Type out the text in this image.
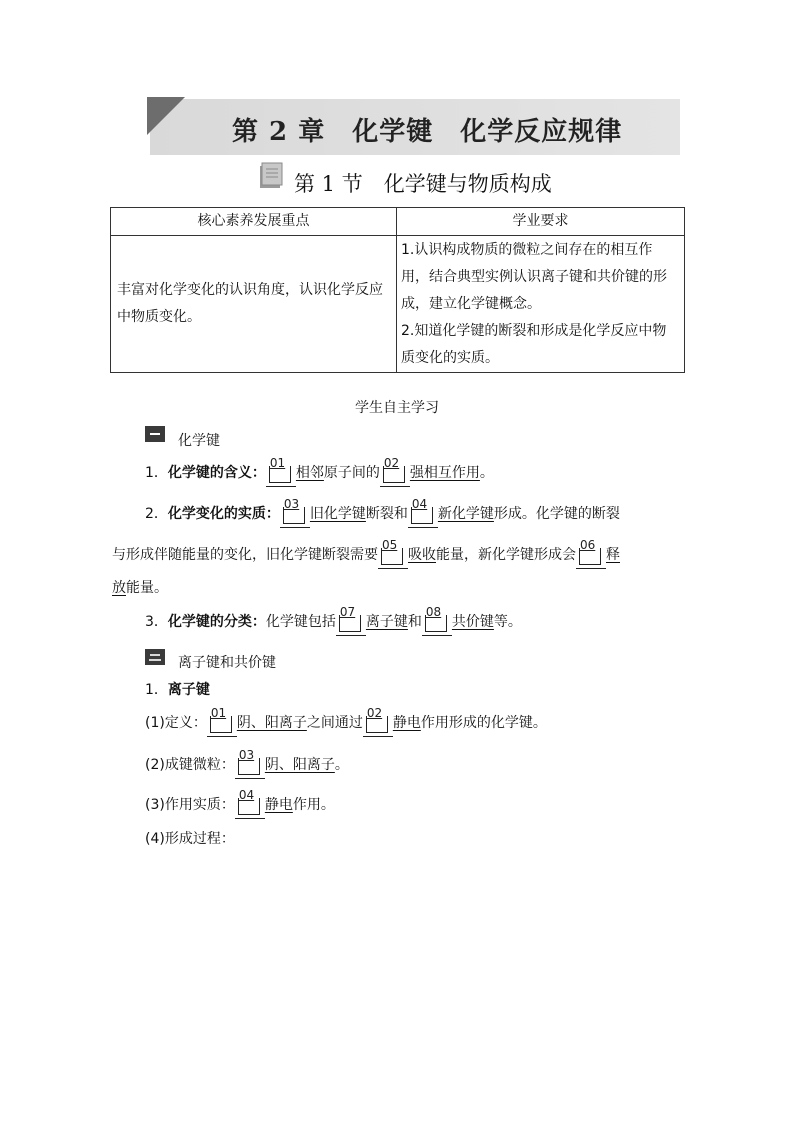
第 2 章　化学键　化学反应规律
第 1 节　化学键与物质构成
核心素养发展重点	学业要求
丰富对化学变化的认识角度，认识化学反应中物质变化。	1.认识构成物质的微粒之间存在的相互作用，结合典型实例认识离子键和共价键的形成，建立化学键概念。

2.知道化学键的断裂和形成是化学反应中物质变化的实质。

学生自主学习
化学键
1．化学键的含义：
01
相邻原子间的
02
强相互作用。
2．化学变化的实质：
03
旧化学键断裂和
04
新化学键形成。化学键的断裂
与形成伴随能量的变化，旧化学键断裂需要
05
吸收能量，新化学键形成会
06
释
放能量。
3．化学键的分类：化学键包括
07
离子键和
08
共价键等。
离子键和共价键
1．离子键
(1)定义：
01
阴、阳离子之间通过
02
静电作用形成的化学键。
(2)成键微粒：
03
阴、阳离子。
(3)作用实质：
04
静电作用。
(4)形成过程：
